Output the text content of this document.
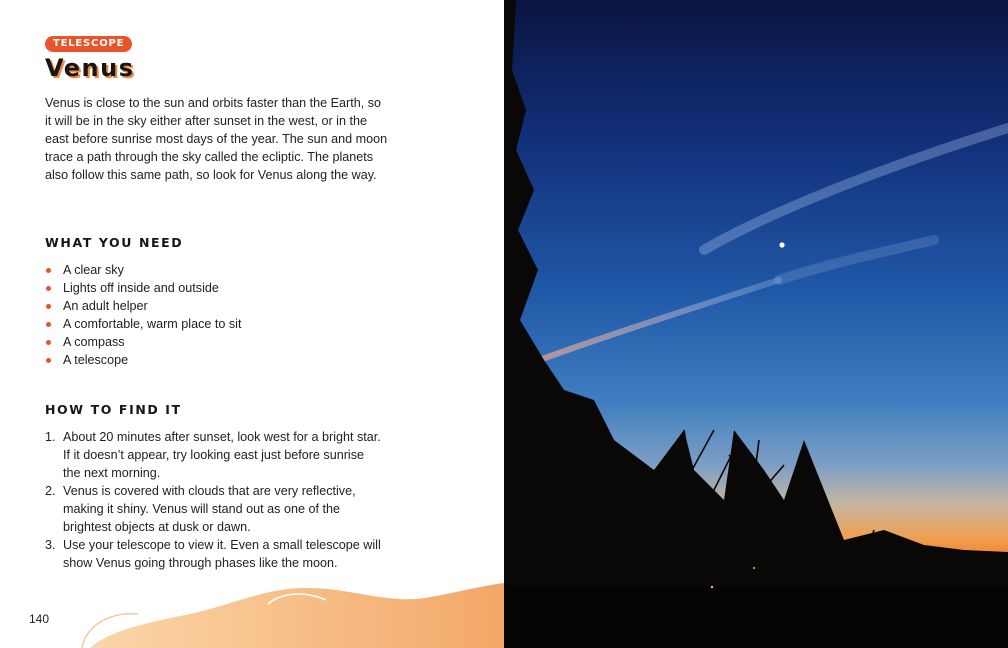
TELESCOPE
Venus

Venus is close to the sun and orbits faster than the Earth, so it will be in the sky either after sunset in the west, or in the east before sunrise most days of the year. The sun and moon trace a path through the sky called the ecliptic. The planets also follow this same path, so look for Venus along the way.

WHAT YOU NEED
A clear sky
Lights off inside and outside
An adult helper
A comfortable, warm place to sit
A compass
A telescope
HOW TO FIND IT
1. About 20 minutes after sunset, look west for a bright star. If it doesn’t appear, try looking east just before sunrise the next morning.
2. Venus is covered with clouds that are very reflective, making it shiny. Venus will stand out as one of the brightest objects at dusk or dawn.
3. Use your telescope to view it. Even a small telescope will show Venus going through phases like the moon.
140
